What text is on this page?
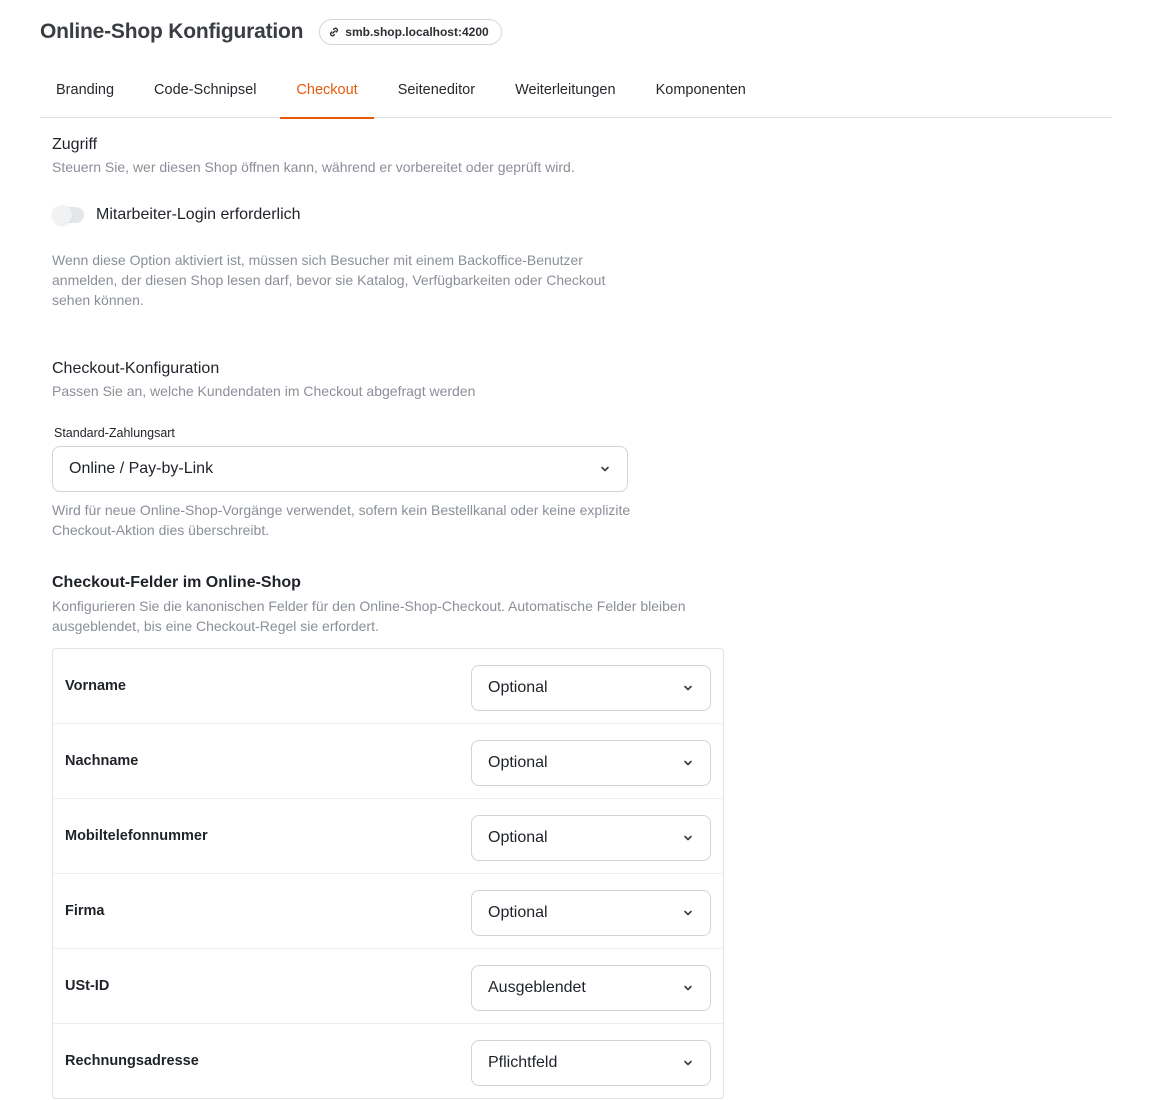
Online-Shop Konfiguration	smb.shop.localhost:4200
Branding	Code-Schnipsel	Checkout	Seiteneditor	Weiterleitungen	Komponenten
Zugriff
Steuern Sie, wer diesen Shop öffnen kann, während er vorbereitet oder geprüft wird.
Mitarbeiter-Login erforderlich
Wenn diese Option aktiviert ist, müssen sich Besucher mit einem Backoffice-Benutzer anmelden, der diesen Shop lesen darf, bevor sie Katalog, Verfügbarkeiten oder Checkout sehen können.
Checkout-Konfiguration
Passen Sie an, welche Kundendaten im Checkout abgefragt werden
Standard-Zahlungsart
Online / Pay-by-Link
Wird für neue Online-Shop-Vorgänge verwendet, sofern kein Bestellkanal oder keine explizite Checkout-Aktion dies überschreibt.
Checkout-Felder im Online-Shop
Konfigurieren Sie die kanonischen Felder für den Online-Shop-Checkout. Automatische Felder bleiben ausgeblendet, bis eine Checkout-Regel sie erfordert.
Vorname	Optional
Nachname	Optional
Mobiltelefonnummer	Optional
Firma	Optional
USt-ID	Ausgeblendet
Rechnungsadresse	Pflichtfeld
